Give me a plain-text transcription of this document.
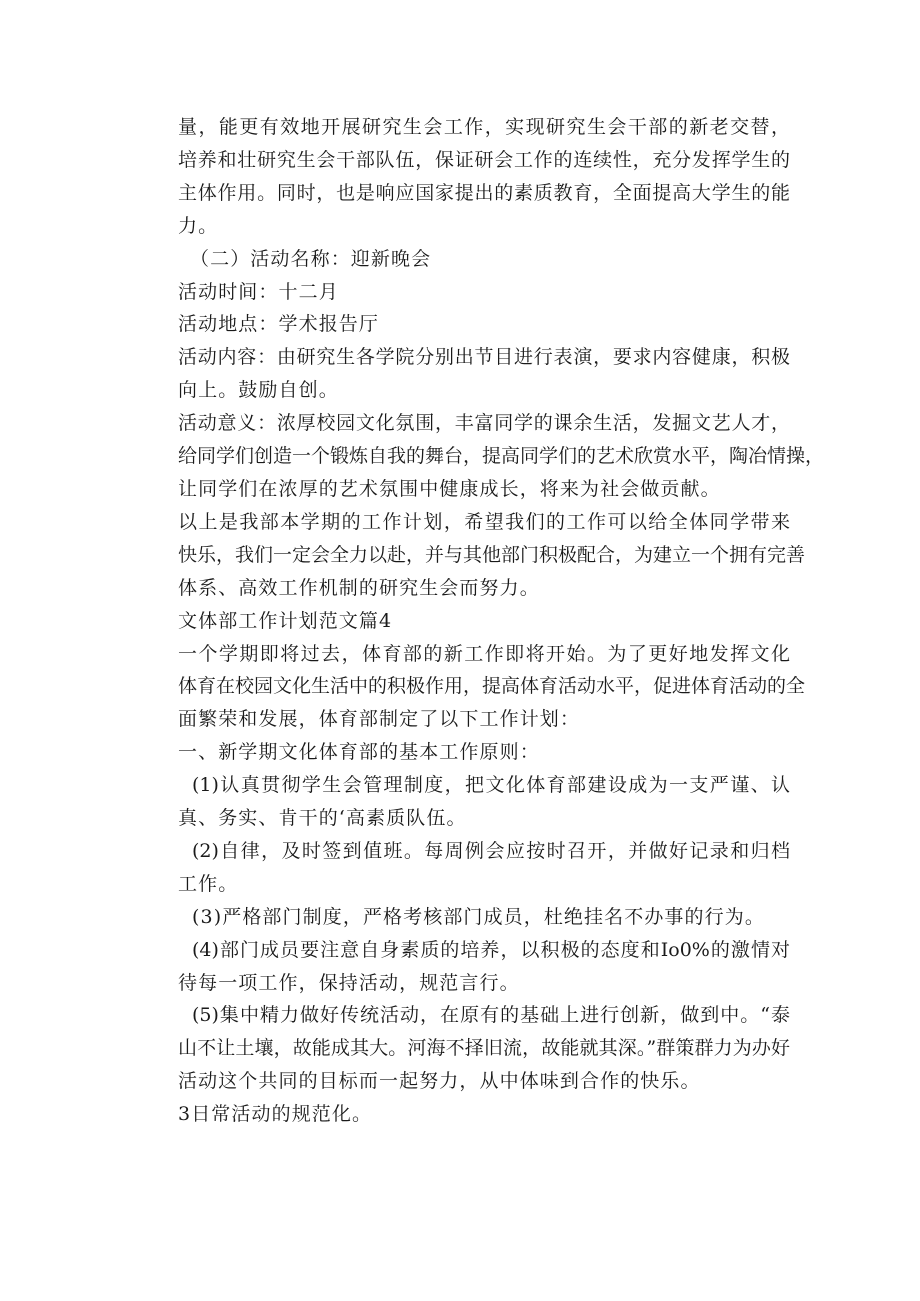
量，能更有效地开展研究生会工作，实现研究生会干部的新老交替，
培养和壮研究生会干部队伍，保证研会工作的连续性，充分发挥学生的
主体作用。同时，也是响应国家提出的素质教育，全面提高大学生的能
力。
（二）活动名称：迎新晚会
活动时间：十二月
活动地点：学术报告厅
活动内容：由研究生各学院分别出节目进行表演，要求内容健康，积极
向上。鼓励自创。
活动意义：浓厚校园文化氛围，丰富同学的课余生活，发掘文艺人才，
给同学们创造一个锻炼自我的舞台，提高同学们的艺术欣赏水平，陶冶情操，
让同学们在浓厚的艺术氛围中健康成长，将来为社会做贡献。
以上是我部本学期的工作计划，希望我们的工作可以给全体同学带来
快乐，我们一定会全力以赴，并与其他部门积极配合，为建立一个拥有完善
体系、高效工作机制的研究生会而努力。
文体部工作计划范文篇4
一个学期即将过去，体育部的新工作即将开始。为了更好地发挥文化
体育在校园文化生活中的积极作用，提高体育活动水平，促进体育活动的全
面繁荣和发展，体育部制定了以下工作计划：
一、新学期文化体育部的基本工作原则：
(1)认真贯彻学生会管理制度，把文化体育部建设成为一支严谨、认
真、务实、肯干的‘高素质队伍。
(2)自律，及时签到值班。每周例会应按时召开，并做好记录和归档
工作。
(3)严格部门制度，严格考核部门成员，杜绝挂名不办事的行为。
(4)部门成员要注意自身素质的培养，以积极的态度和Io0%的激情对
待每一项工作，保持活动，规范言行。
(5)集中精力做好传统活动，在原有的基础上进行创新，做到中。“泰
山不让土壤，故能成其大。河海不择旧流，故能就其深。”群策群力为办好
活动这个共同的目标而一起努力，从中体味到合作的快乐。
3日常活动的规范化。
